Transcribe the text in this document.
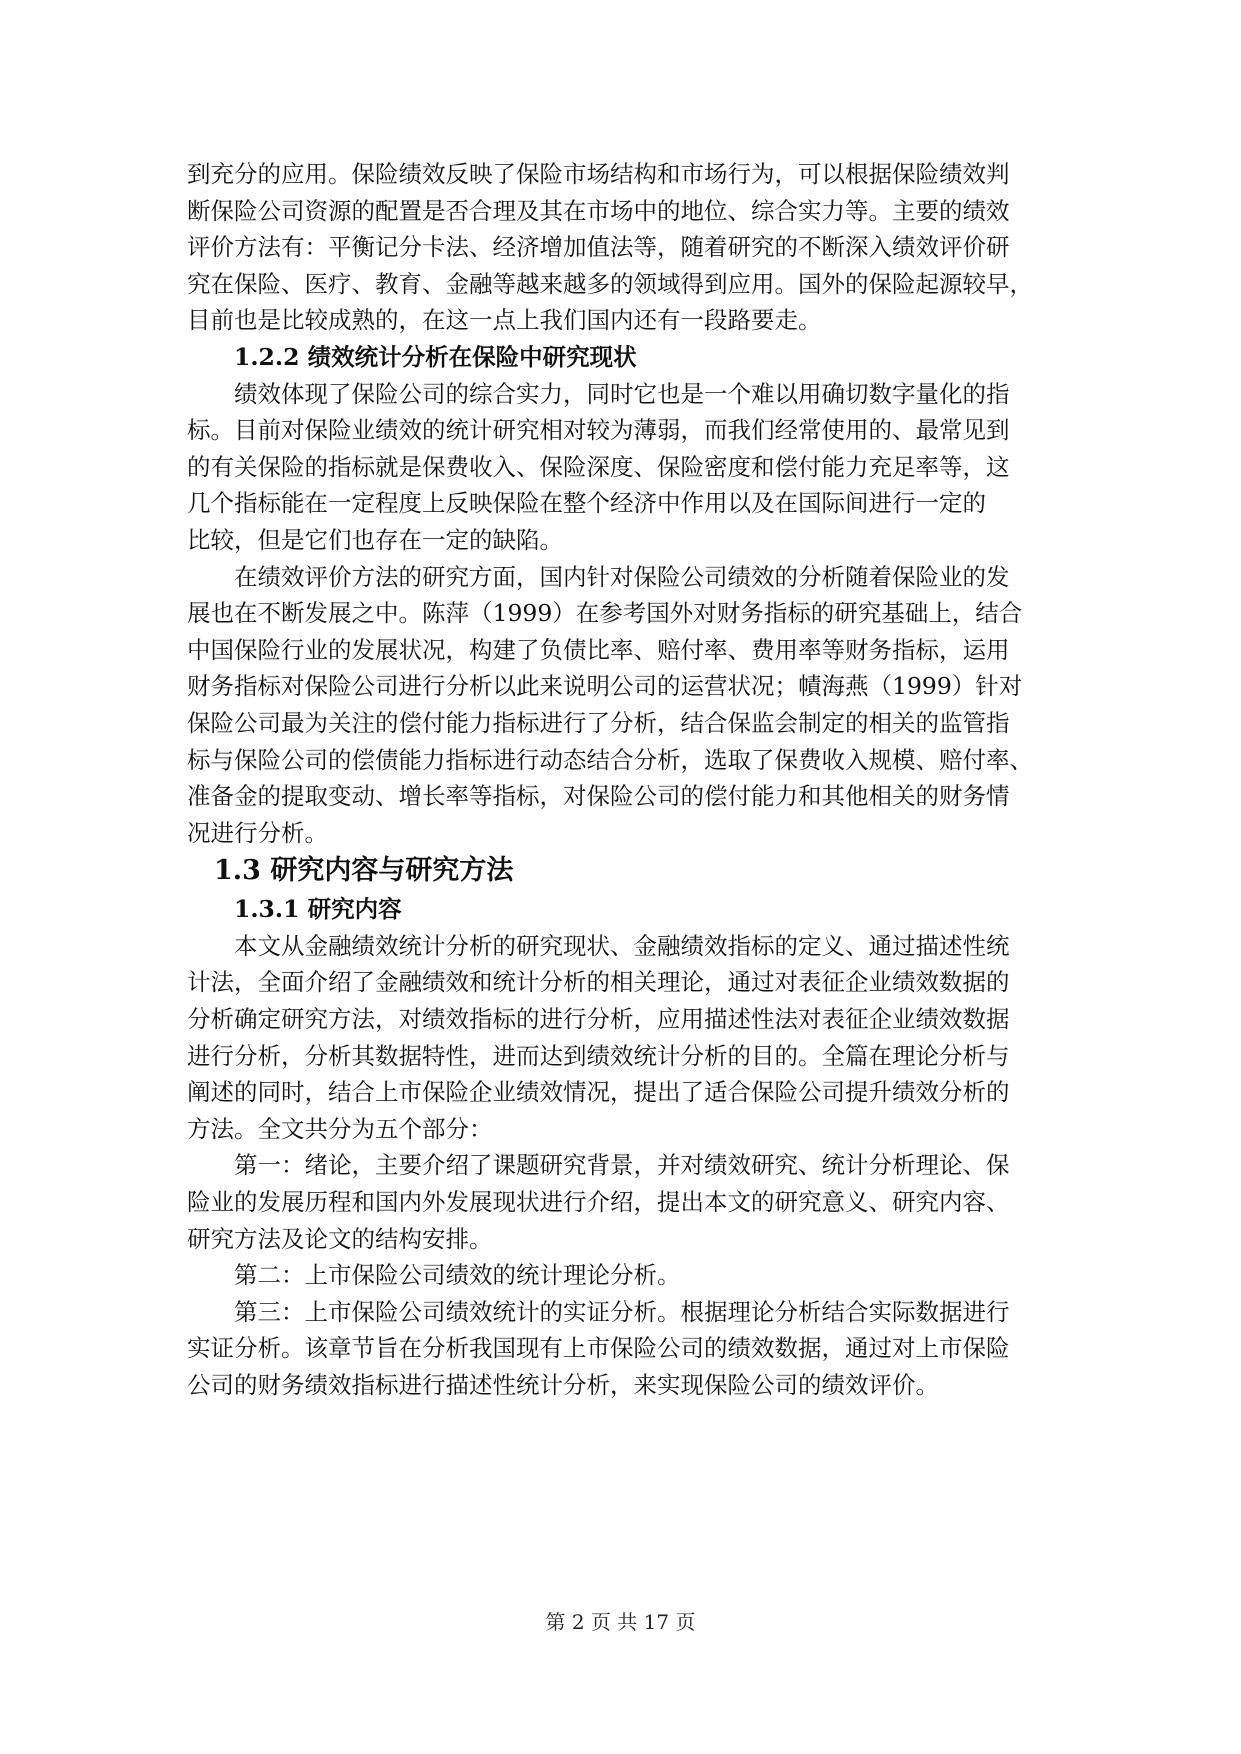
到充分的应用。保险绩效反映了保险市场结构和市场行为，可以根据保险绩效判
断保险公司资源的配置是否合理及其在市场中的地位、综合实力等。主要的绩效
评价方法有：平衡记分卡法、经济增加值法等，随着研究的不断深入绩效评价研
究在保险、医疗、教育、金融等越来越多的领域得到应用。国外的保险起源较早，
目前也是比较成熟的，在这一点上我们国内还有一段路要走。
1.2.2 绩效统计分析在保险中研究现状
绩效体现了保险公司的综合实力，同时它也是一个难以用确切数字量化的指
标。目前对保险业绩效的统计研究相对较为薄弱，而我们经常使用的、最常见到
的有关保险的指标就是保费收入、保险深度、保险密度和偿付能力充足率等，这
几个指标能在一定程度上反映保险在整个经济中作用以及在国际间进行一定的
比较，但是它们也存在一定的缺陷。
在绩效评价方法的研究方面，国内针对保险公司绩效的分析随着保险业的发
展也在不断发展之中。陈萍（1999）在参考国外对财务指标的研究基础上，结合
中国保险行业的发展状况，构建了负债比率、赔付率、费用率等财务指标，运用
财务指标对保险公司进行分析以此来说明公司的运营状况；幘海燕（1999）针对
保险公司最为关注的偿付能力指标进行了分析，结合保监会制定的相关的监管指
标与保险公司的偿债能力指标进行动态结合分析，选取了保费收入规模、赔付率、
准备金的提取变动、增长率等指标，对保险公司的偿付能力和其他相关的财务情
况进行分析。
1.3 研究内容与研究方法
1.3.1 研究内容
本文从金融绩效统计分析的研究现状、金融绩效指标的定义、通过描述性统
计法，全面介绍了金融绩效和统计分析的相关理论，通过对表征企业绩效数据的
分析确定研究方法，对绩效指标的进行分析，应用描述性法对表征企业绩效数据
进行分析，分析其数据特性，进而达到绩效统计分析的目的。全篇在理论分析与
阐述的同时，结合上市保险企业绩效情况，提出了适合保险公司提升绩效分析的
方法。全文共分为五个部分：
第一：绪论，主要介绍了课题研究背景，并对绩效研究、统计分析理论、保
险业的发展历程和国内外发展现状进行介绍，提出本文的研究意义、研究内容、
研究方法及论文的结构安排。
第二：上市保险公司绩效的统计理论分析。
第三：上市保险公司绩效统计的实证分析。根据理论分析结合实际数据进行
实证分析。该章节旨在分析我国现有上市保险公司的绩效数据，通过对上市保险
公司的财务绩效指标进行描述性统计分析，来实现保险公司的绩效评价。
第 2 页 共 17 页
